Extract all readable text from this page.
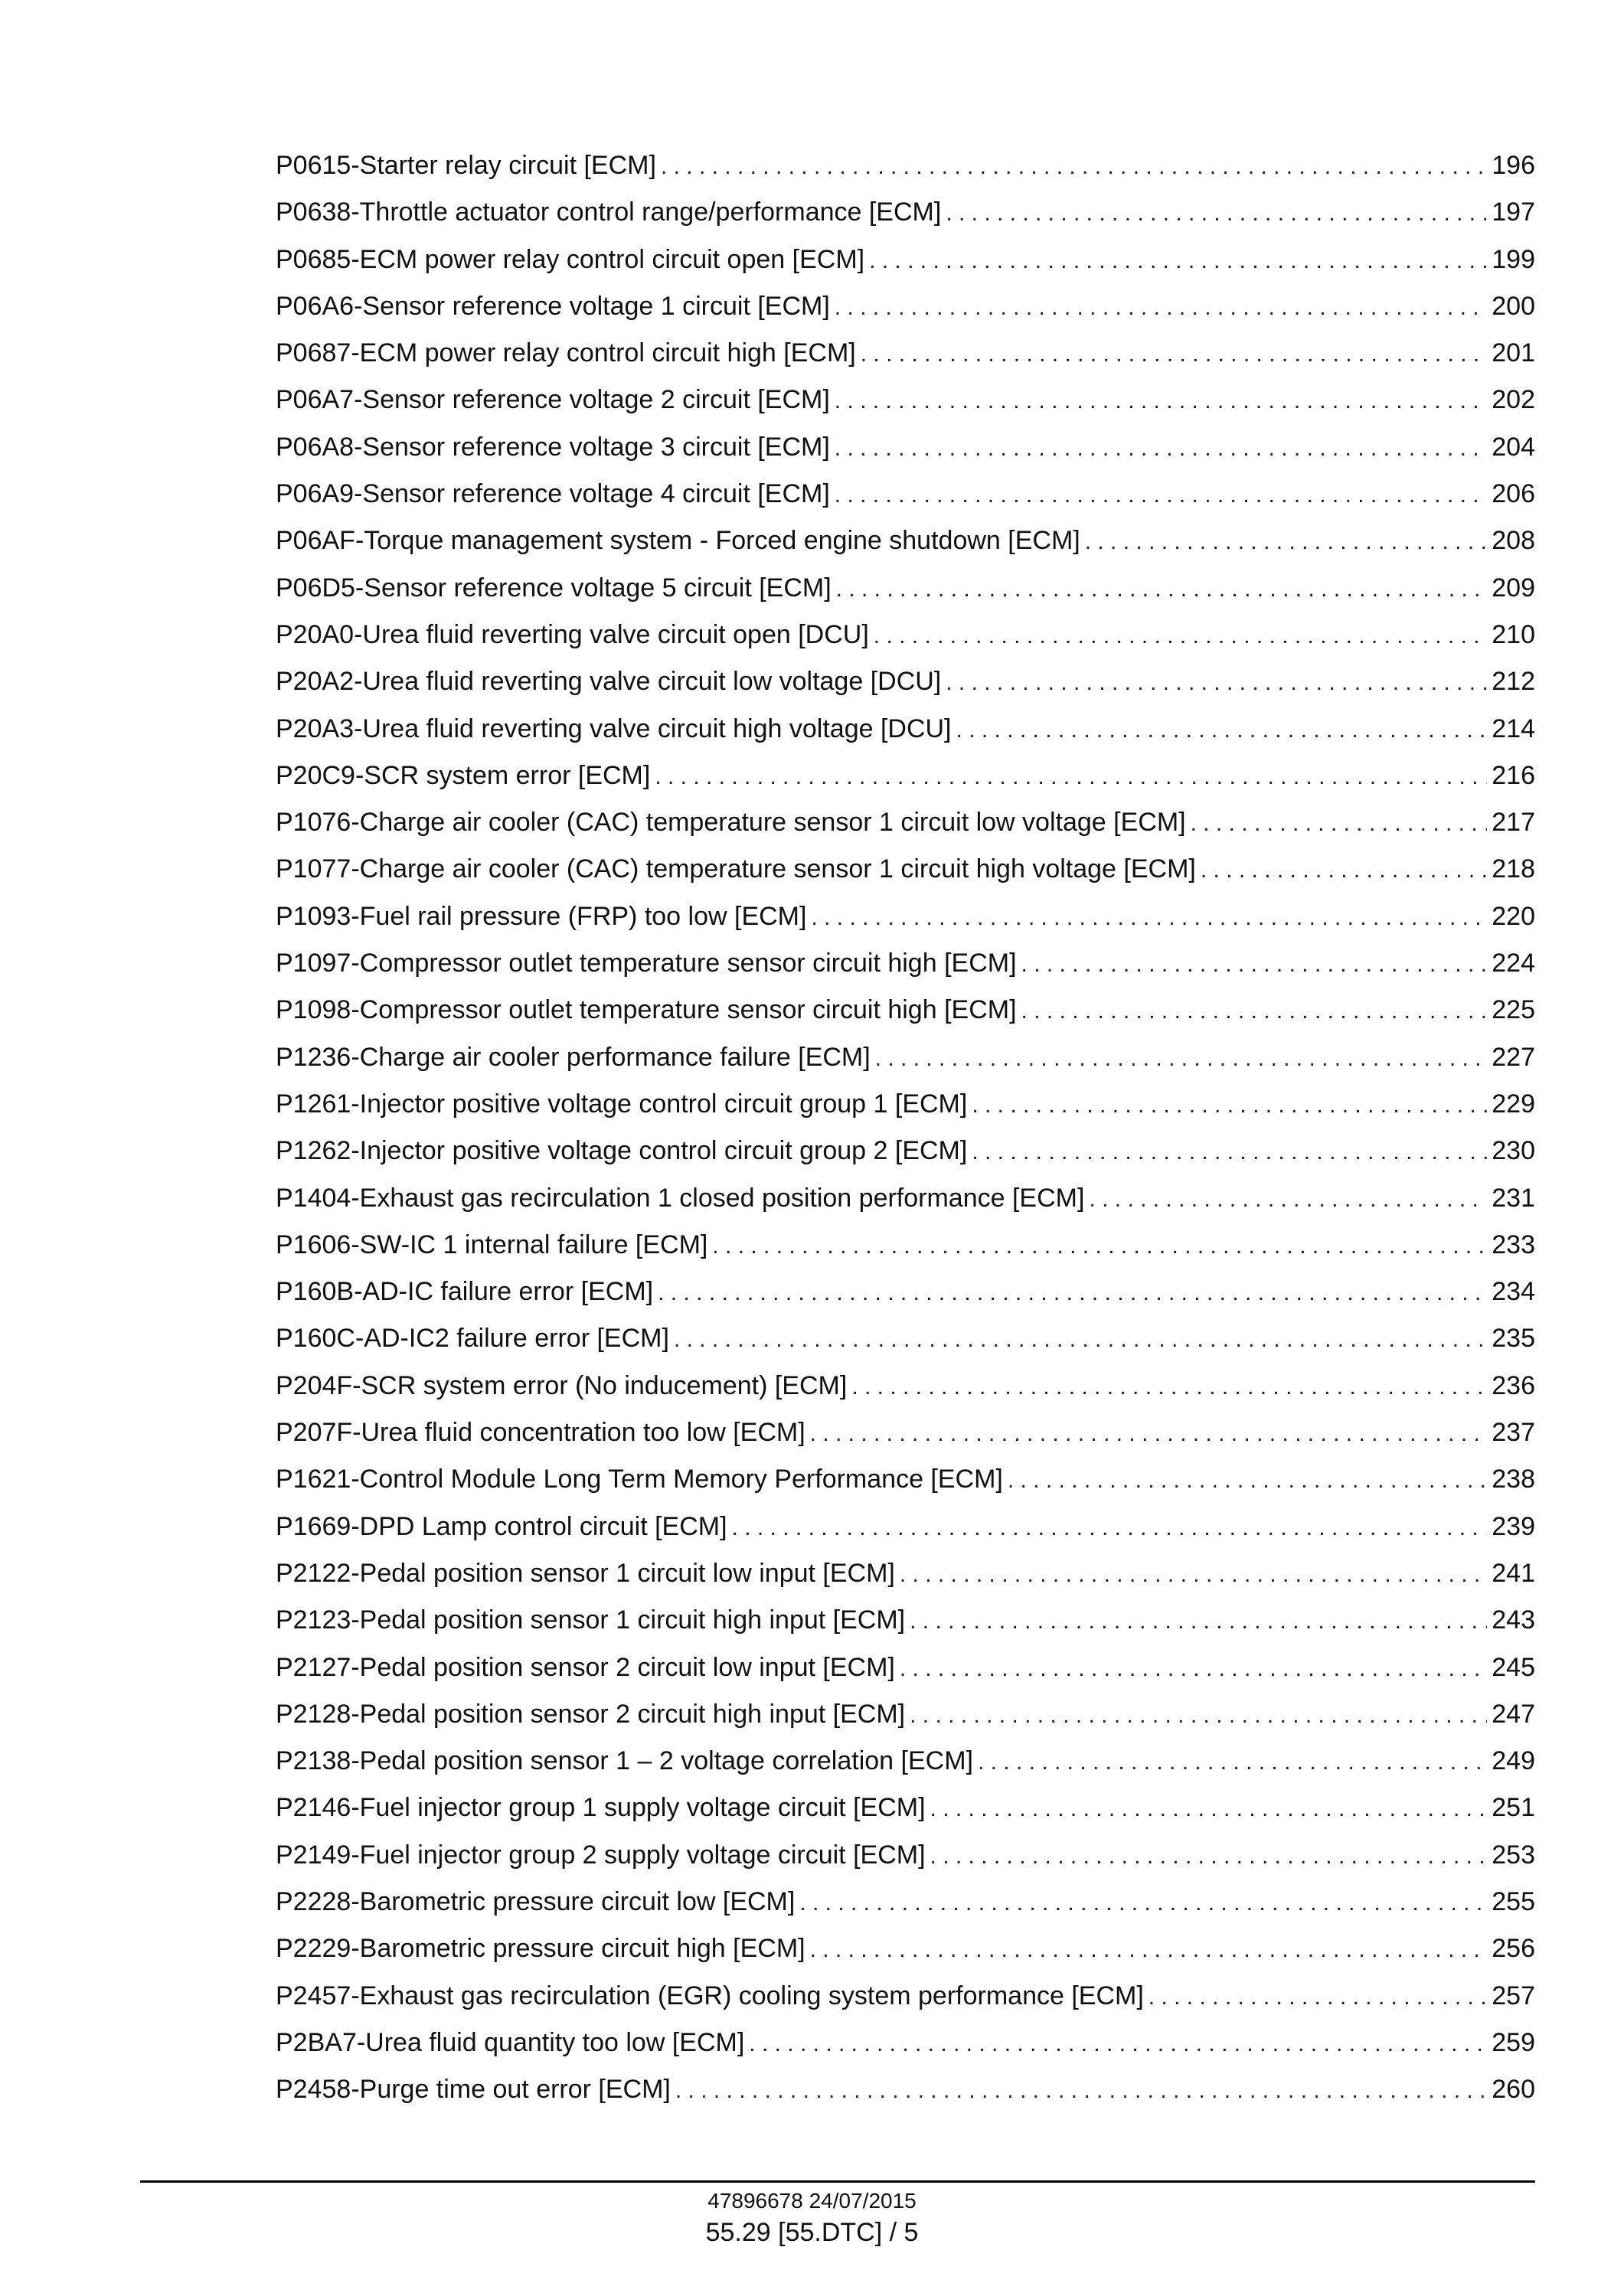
P0615-Starter relay circuit [ECM] . . .	196
P0638-Throttle actuator control range/performance [ECM] . . .	197
P0685-ECM power relay control circuit open [ECM] . . .	199
P06A6-Sensor reference voltage 1 circuit [ECM] . . .	200
P0687-ECM power relay control circuit high [ECM] . . .	201
P06A7-Sensor reference voltage 2 circuit [ECM] . . .	202
P06A8-Sensor reference voltage 3 circuit [ECM] . . .	204
P06A9-Sensor reference voltage 4 circuit [ECM] . . .	206
P06AF-Torque management system - Forced engine shutdown [ECM] . . .	208
P06D5-Sensor reference voltage 5 circuit [ECM] . . .	209
P20A0-Urea fluid reverting valve circuit open [DCU] . . .	210
P20A2-Urea fluid reverting valve circuit low voltage [DCU] . . .	212
P20A3-Urea fluid reverting valve circuit high voltage [DCU] . . .	214
P20C9-SCR system error [ECM] . . .	216
P1076-Charge air cooler (CAC) temperature sensor 1 circuit low voltage [ECM] . . .	217
P1077-Charge air cooler (CAC) temperature sensor 1 circuit high voltage [ECM] . . .	218
P1093-Fuel rail pressure (FRP) too low [ECM] . . .	220
P1097-Compressor outlet temperature sensor circuit high [ECM] . . .	224
P1098-Compressor outlet temperature sensor circuit high [ECM] . . .	225
P1236-Charge air cooler performance failure [ECM] . . .	227
P1261-Injector positive voltage control circuit group 1 [ECM] . . .	229
P1262-Injector positive voltage control circuit group 2 [ECM] . . .	230
P1404-Exhaust gas recirculation 1 closed position performance [ECM] . . .	231
P1606-SW-IC 1 internal failure [ECM] . . .	233
P160B-AD-IC failure error [ECM] . . .	234
P160C-AD-IC2 failure error [ECM] . . .	235
P204F-SCR system error (No inducement) [ECM] . . .	236
P207F-Urea fluid concentration too low [ECM] . . .	237
P1621-Control Module Long Term Memory Performance [ECM] . . .	238
P1669-DPD Lamp control circuit [ECM] . . .	239
P2122-Pedal position sensor 1 circuit low input [ECM] . . .	241
P2123-Pedal position sensor 1 circuit high input [ECM] . . .	243
P2127-Pedal position sensor 2 circuit low input [ECM] . . .	245
P2128-Pedal position sensor 2 circuit high input [ECM] . . .	247
P2138-Pedal position sensor 1 – 2 voltage correlation [ECM] . . .	249
P2146-Fuel injector group 1 supply voltage circuit [ECM] . . .	251
P2149-Fuel injector group 2 supply voltage circuit [ECM] . . .	253
P2228-Barometric pressure circuit low [ECM] . . .	255
P2229-Barometric pressure circuit high [ECM] . . .	256
P2457-Exhaust gas recirculation (EGR) cooling system performance [ECM] . . .	257
P2BA7-Urea fluid quantity too low [ECM] . . .	259
P2458-Purge time out error [ECM] . . .	260
47896678 24/07/2015
55.29 [55.DTC] / 5
